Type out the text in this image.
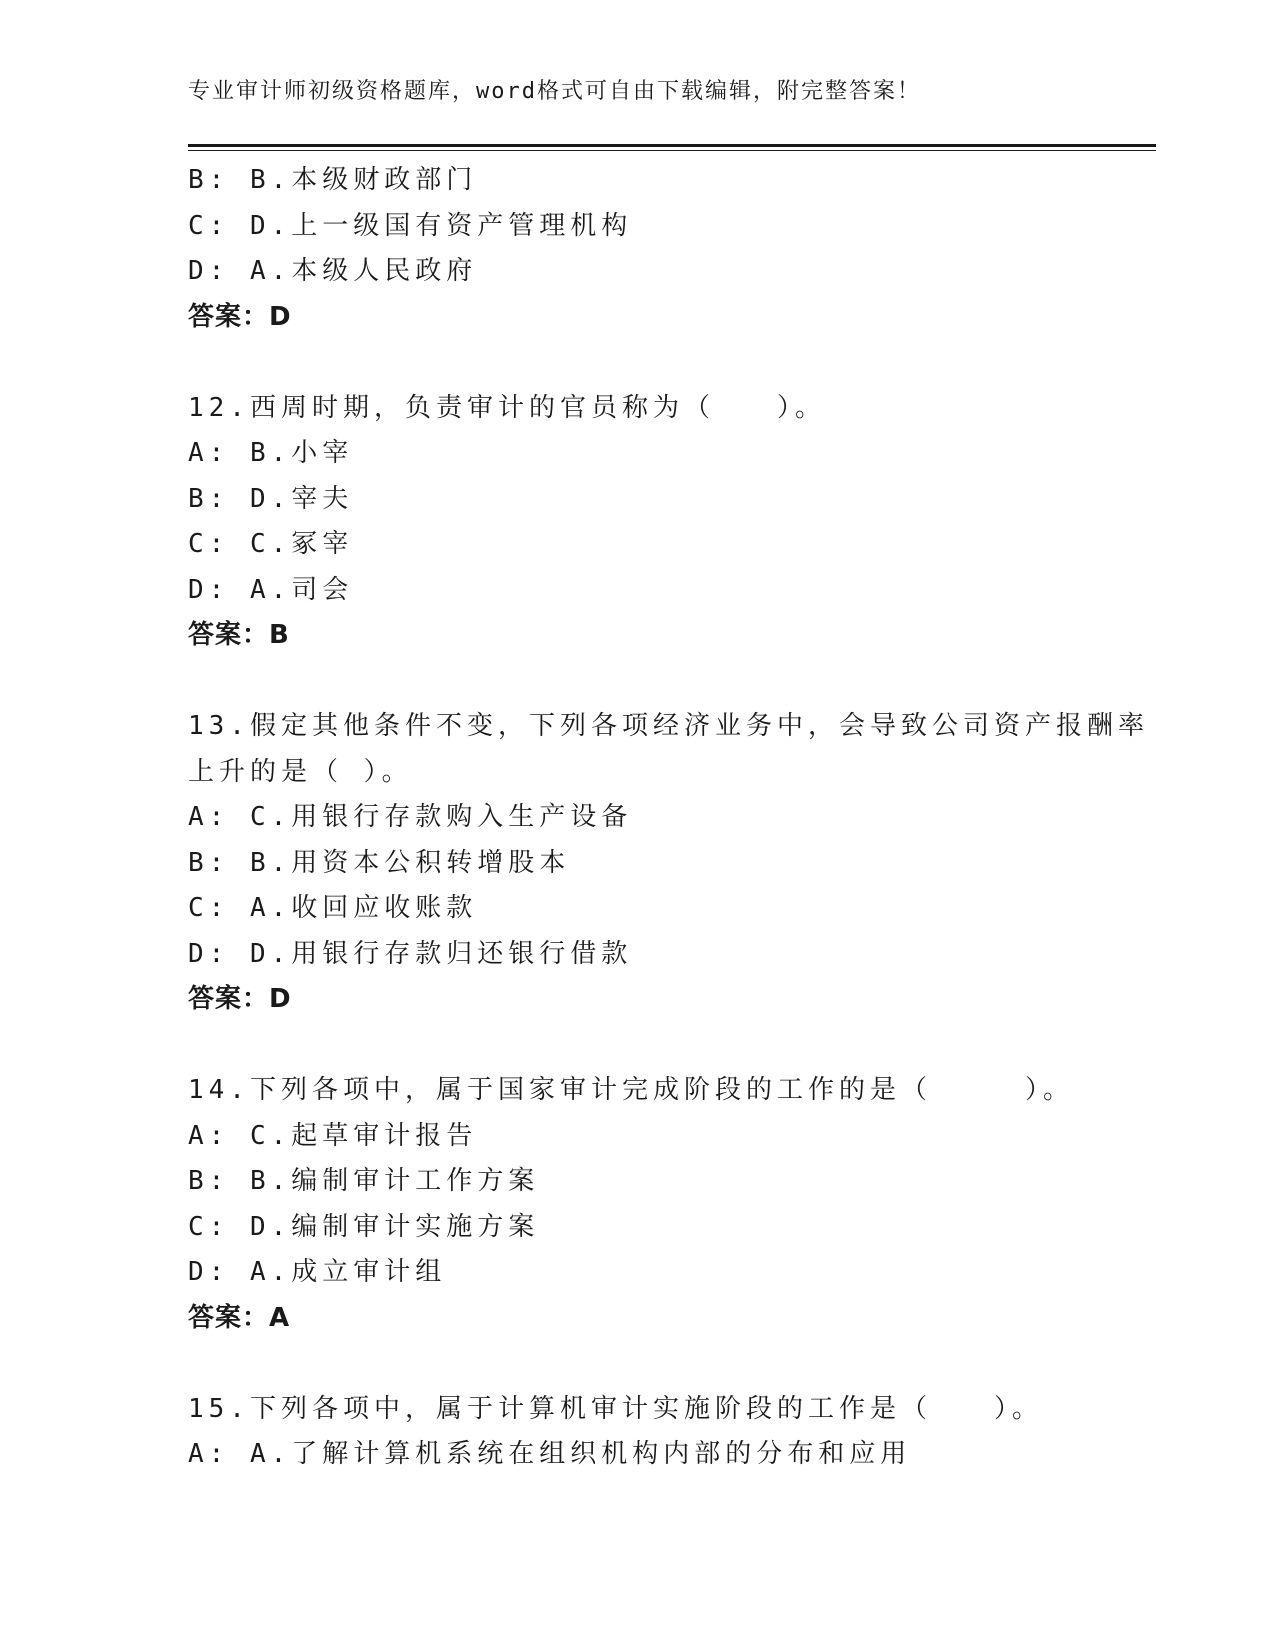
专业审计师初级资格题库，word格式可自由下载编辑，附完整答案！
B: B.本级财政部门
C: D.上一级国有资产管理机构
D: A.本级人民政府
答案：D
12.西周时期，负责审计的官员称为（　　）。
A: B.小宰
B: D.宰夫
C: C.冢宰
D: A.司会
答案：B
13.假定其他条件不变，下列各项经济业务中，会导致公司资产报酬率
上升的是（ ）。
A: C.用银行存款购入生产设备
B: B.用资本公积转增股本
C: A.收回应收账款
D: D.用银行存款归还银行借款
答案：D
14.下列各项中，属于国家审计完成阶段的工作的是（　　　）。
A: C.起草审计报告
B: B.编制审计工作方案
C: D.编制审计实施方案
D: A.成立审计组
答案：A
15.下列各项中，属于计算机审计实施阶段的工作是（　　）。
A: A.了解计算机系统在组织机构内部的分布和应用
